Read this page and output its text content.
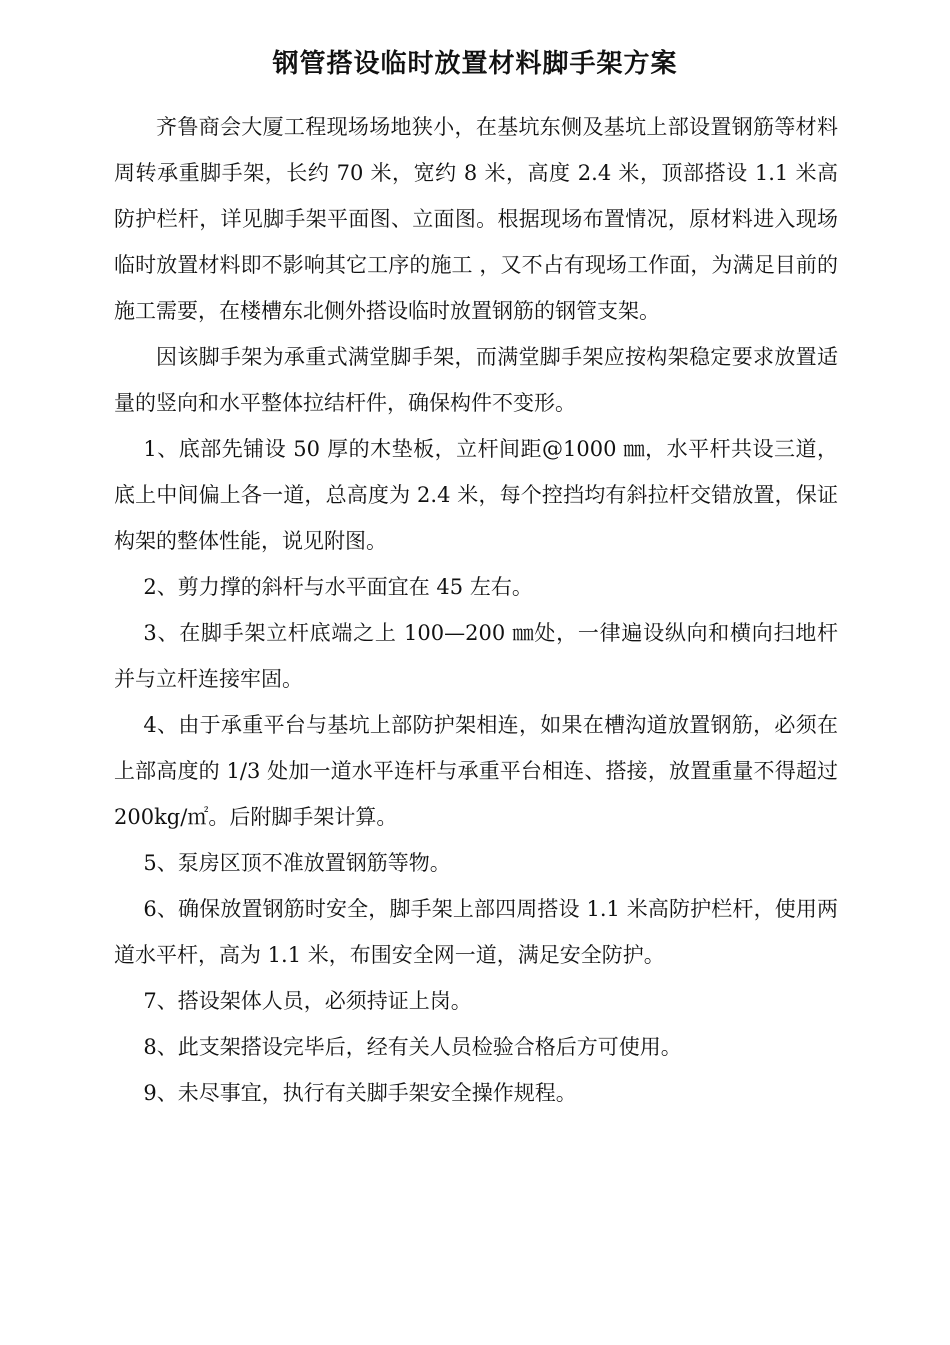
钢管搭设临时放置材料脚手架方案

齐鲁商会大厦工程现场场地狭小，在基坑东侧及基坑上部设置钢筋等材料周转承重脚手架，长约 70 米，宽约 8 米，高度 2.4 米，顶部搭设 1.1 米高防护栏杆，详见脚手架平面图、立面图。根据现场布置情况，原材料进入现场临时放置材料即不影响其它工序的施工 ，又不占有现场工作面，为满足目前的施工需要，在楼槽东北侧外搭设临时放置钢筋的钢管支架。

因该脚手架为承重式满堂脚手架，而满堂脚手架应按构架稳定要求放置适量的竖向和水平整体拉结杆件，确保构件不变形。

1、底部先铺设 50 厚的木垫板，立杆间距@1000 ㎜，水平杆共设三道，底上中间偏上各一道，总高度为 2.4 米，每个控挡均有斜拉杆交错放置，保证构架的整体性能，说见附图。

2、剪力撑的斜杆与水平面宜在 45 左右。

3、在脚手架立杆底端之上 100—200 ㎜处，一律遍设纵向和横向扫地杆并与立杆连接牢固。

4、由于承重平台与基坑上部防护架相连，如果在槽沟道放置钢筋，必须在上部高度的 1/3 处加一道水平连杆与承重平台相连、搭接，放置重量不得超过 200kg/㎡。后附脚手架计算。

5、泵房区顶不准放置钢筋等物。

6、确保放置钢筋时安全，脚手架上部四周搭设 1.1 米高防护栏杆，使用两道水平杆，高为 1.1 米，布围安全网一道，满足安全防护。

7、搭设架体人员，必须持证上岗。

8、此支架搭设完毕后，经有关人员检验合格后方可使用。

9、未尽事宜，执行有关脚手架安全操作规程。
